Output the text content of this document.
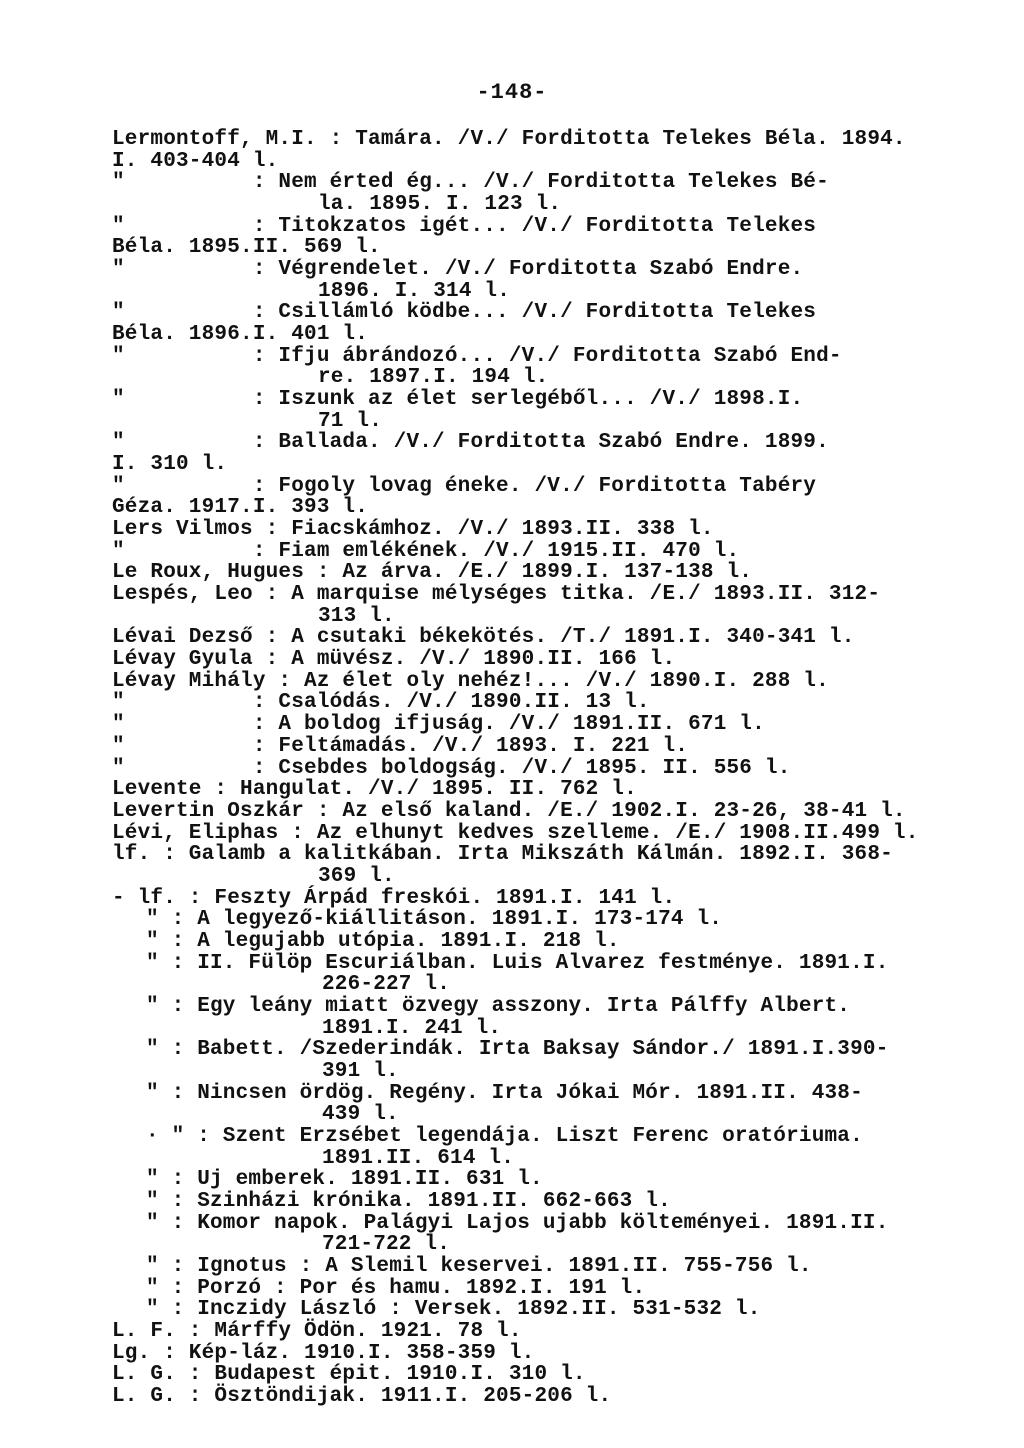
-148-
Lermontoff, M.I. : Tamára. /V./ Forditotta Telekes Béla. 1894.
I. 403-404 l.
"          : Nem érted ég... /V./ Forditotta Telekes Bé-
la. 1895. I. 123 l.
"          : Titokzatos igét... /V./ Forditotta Telekes
Béla. 1895.II. 569 l.
"          : Végrendelet. /V./ Forditotta Szabó Endre.
1896. I. 314 l.
"          : Csillámló ködbe... /V./ Forditotta Telekes
Béla. 1896.I. 401 l.
"          : Ifju ábrándozó... /V./ Forditotta Szabó End-
re. 1897.I. 194 l.
"          : Iszunk az élet serlegéből... /V./ 1898.I.
71 l.
"          : Ballada. /V./ Forditotta Szabó Endre. 1899.
I. 310 l.
"          : Fogoly lovag éneke. /V./ Forditotta Tabéry
Géza. 1917.I. 393 l.
Lers Vilmos : Fiacskámhoz. /V./ 1893.II. 338 l.
"          : Fiam emlékének. /V./ 1915.II. 470 l.
Le Roux, Hugues : Az árva. /E./ 1899.I. 137-138 l.
Lespés, Leo : A marquise mélységes titka. /E./ 1893.II. 312-
313 l.
Lévai Dezső : A csutaki békekötés. /T./ 1891.I. 340-341 l.
Lévay Gyula : A müvész. /V./ 1890.II. 166 l.
Lévay Mihály : Az élet oly nehéz!... /V./ 1890.I. 288 l.
"          : Csalódás. /V./ 1890.II. 13 l.
"          : A boldog ifjuság. /V./ 1891.II. 671 l.
"          : Feltámadás. /V./ 1893. I. 221 l.
"          : Csebdes boldogság. /V./ 1895. II. 556 l.
Levente : Hangulat. /V./ 1895. II. 762 l.
Levertin Oszkár : Az első kaland. /E./ 1902.I. 23-26, 38-41 l.
Lévi, Eliphas : Az elhunyt kedves szelleme. /E./ 1908.II.499 l.
lf. : Galamb a kalitkában. Irta Mikszáth Kálmán. 1892.I. 368-
369 l.
- lf. : Feszty Árpád freskói. 1891.I. 141 l.
" : A legyező-kiállitáson. 1891.I. 173-174 l.
" : A legujabb utópia. 1891.I. 218 l.
" : II. Fülöp Escuriálban. Luis Alvarez festménye. 1891.I.
226-227 l.
" : Egy leány miatt özvegy asszony. Irta Pálffy Albert.
1891.I. 241 l.
" : Babett. /Szederindák. Irta Baksay Sándor./ 1891.I.390-
391 l.
" : Nincsen ördög. Regény. Irta Jókai Mór. 1891.II. 438-
439 l.
· " : Szent Erzsébet legendája. Liszt Ferenc oratóriuma.
1891.II. 614 l.
" : Uj emberek. 1891.II. 631 l.
" : Szinházi krónika. 1891.II. 662-663 l.
" : Komor napok. Palágyi Lajos ujabb költeményei. 1891.II.
721-722 l.
" : Ignotus : A Slemil keservei. 1891.II. 755-756 l.
" : Porzó : Por és hamu. 1892.I. 191 l.
" : Inczidy László : Versek. 1892.II. 531-532 l.
L. F. : Márffy Ödön. 1921. 78 l.
Lg. : Kép-láz. 1910.I. 358-359 l.
L. G. : Budapest épit. 1910.I. 310 l.
L. G. : Ösztöndijak. 1911.I. 205-206 l.
